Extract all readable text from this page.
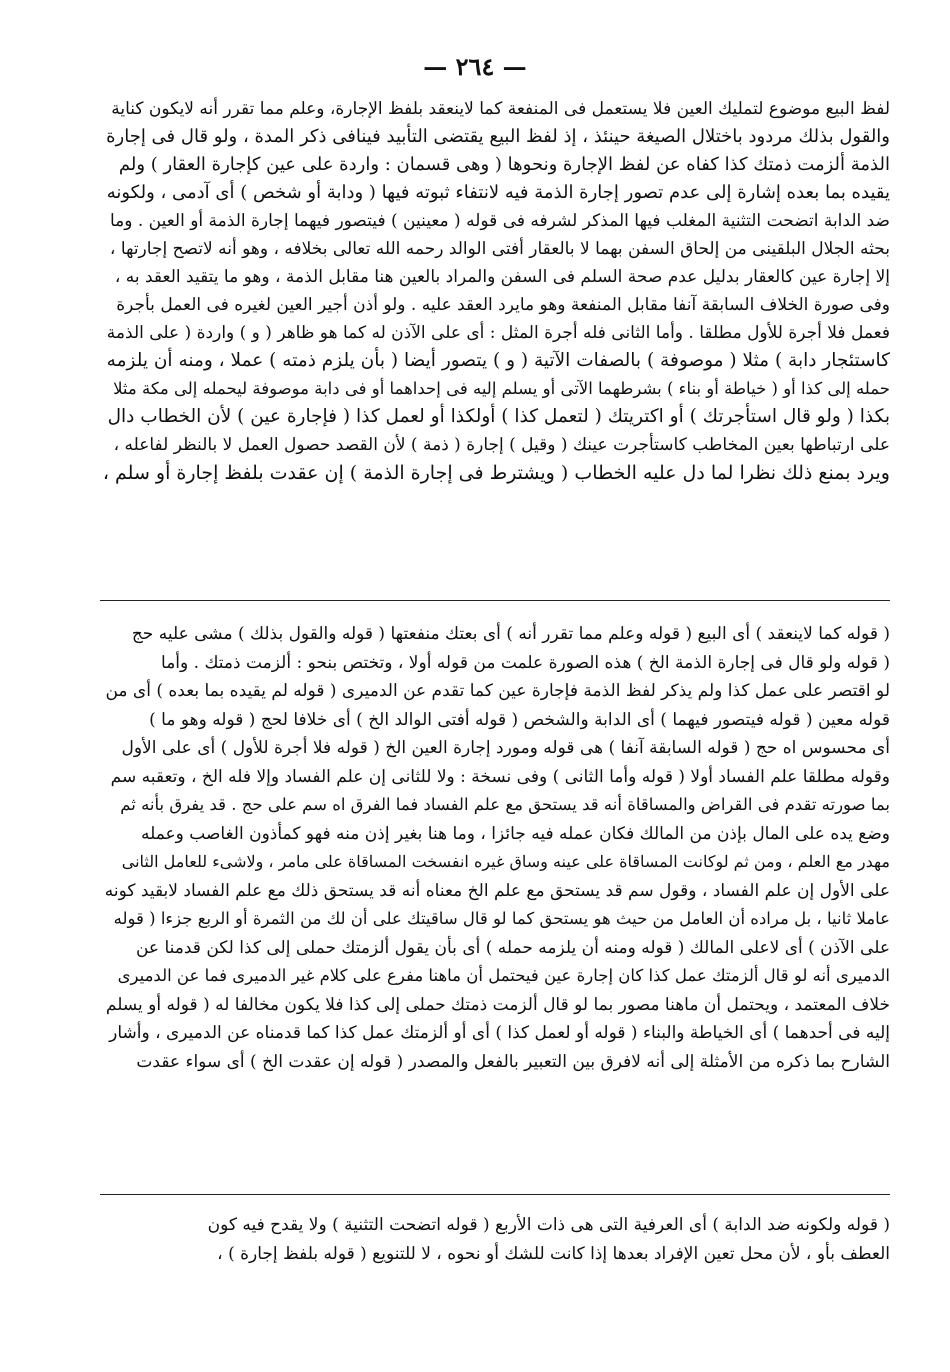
— ٢٦٤ —
لفظ البيع موضوع لتمليك العين فلا يستعمل فى المنفعة كما لاينعقد بلفظ الإجارة، وعلم مما تقرر أنه لايكون كناية
والقول بذلك مردود باختلال الصيغة حينئذ ، إذ لفظ البيع يقتضى التأبيد فينافى ذكر المدة ، ولو قال فى إجارة
الذمة ألزمت ذمتك كذا كفاه عن لفظ الإجارة ونحوها ( وهى قسمان : واردة على عين كإجارة العقار ) ولم
يقيده بما بعده إشارة إلى عدم تصور إجارة الذمة فيه لانتفاء ثبوته فيها ( ودابة أو شخص ) أى آدمى ، ولكونه
ضد الدابة اتضحت التثنية المغلب فيها المذكر لشرفه فى قوله ( معينين ) فيتصور فيهما إجارة الذمة أو العين . وما
بحثه الجلال البلقينى من إلحاق السفن بهما لا بالعقار أفتى الوالد رحمه الله تعالى بخلافه ، وهو أنه لاتصح إجارتها ،
إلا إجارة عين كالعقار بدليل عدم صحة السلم فى السفن والمراد بالعين هنا مقابل الذمة ، وهو ما يتقيد العقد به ،
وفى صورة الخلاف السابقة آنفا مقابل المنفعة وهو مايرد العقد عليه . ولو أذن أجير العين لغيره فى العمل بأجرة
فعمل فلا أجرة للأول مطلقا . وأما الثانى فله أجرة المثل : أى على الآذن له كما هو ظاهر ( و ) واردة ( على الذمة
كاستئجار دابة ) مثلا ( موصوفة ) بالصفات الآتية ( و ) يتصور أيضا ( بأن يلزم ذمته ) عملا ، ومنه أن يلزمه
حمله إلى كذا أو ( خياطة أو بناء ) بشرطهما الآتى أو يسلم إليه فى إحداهما أو فى دابة موصوفة ليحمله إلى مكة مثلا
بكذا ( ولو قال استأجرتك ) أو اكتريتك ( لتعمل كذا ) أولكذا أو لعمل كذا ( فإجارة عين ) لأن الخطاب دال
على ارتباطها بعين المخاطب كاستأجرت عينك ( وقيل ) إجارة ( ذمة ) لأن القصد حصول العمل لا بالنظر لفاعله ،
ويرد بمنع ذلك نظرا لما دل عليه الخطاب ( ويشترط فى إجارة الذمة ) إن عقدت بلفظ إجارة أو سلم ،
( قوله كما لاينعقد ) أى البيع ( قوله وعلم مما تقرر أنه ) أى بعتك منفعتها ( قوله والقول بذلك ) مشى عليه حج
( قوله ولو قال فى إجارة الذمة الخ ) هذه الصورة علمت من قوله أولا ، وتختص بنحو : ألزمت ذمتك . وأما
لو اقتصر على عمل كذا ولم يذكر لفظ الذمة فإجارة عين كما تقدم عن الدميرى ( قوله لم يقيده بما بعده ) أى من
قوله معين ( قوله فيتصور فيهما ) أى الدابة والشخص ( قوله أفتى الوالد الخ ) أى خلافا لحج ( قوله وهو ما )
أى محسوس اه حج ( قوله السابقة آنفا ) هى قوله ومورد إجارة العين الخ ( قوله فلا أجرة للأول ) أى على الأول
وقوله مطلقا علم الفساد أولا ( قوله وأما الثانى ) وفى نسخة : ولا للثانى إن علم الفساد وإلا فله الخ ، وتعقبه سم
بما صورته تقدم فى القراض والمساقاة أنه قد يستحق مع علم الفساد فما الفرق اه سم على حج . قد يفرق بأنه ثم
وضع يده على المال بإذن من المالك فكان عمله فيه جائزا ، وما هنا بغير إذن منه فهو كمأذون الغاصب وعمله
مهدر مع العلم ، ومن ثم لوكانت المساقاة على عينه وساق غيره انفسخت المساقاة على مامر ، ولاشىء للعامل الثانى
على الأول إن علم الفساد ، وقول سم قد يستحق مع علم الخ معناه أنه قد يستحق ذلك مع علم الفساد لابقيد كونه
عاملا ثانيا ، بل مراده أن العامل من حيث هو يستحق كما لو قال ساقيتك على أن لك من الثمرة أو الربع جزءا ( قوله
على الآذن ) أى لاعلى المالك ( قوله ومنه أن يلزمه حمله ) أى بأن يقول ألزمتك حملى إلى كذا لكن قدمنا عن
الدميرى أنه لو قال ألزمتك عمل كذا كان إجارة عين فيحتمل أن ماهنا مفرع على كلام غير الدميرى فما عن الدميرى
خلاف المعتمد ، ويحتمل أن ماهنا مصور بما لو قال ألزمت ذمتك حملى إلى كذا فلا يكون مخالفا له ( قوله أو يسلم
إليه فى أحدهما ) أى الخياطة والبناء ( قوله أو لعمل كذا ) أى أو ألزمتك عمل كذا كما قدمناه عن الدميرى ، وأشار
الشارح بما ذكره من الأمثلة إلى أنه لافرق بين التعبير بالفعل والمصدر ( قوله إن عقدت الخ ) أى سواء عقدت
( قوله ولكونه ضد الدابة ) أى العرفية التى هى ذات الأربع ( قوله اتضحت التثنية ) ولا يقدح فيه كون
العطف بأو ، لأن محل تعين الإفراد بعدها إذا كانت للشك أو نحوه ، لا للتنويع ( قوله بلفظ إجارة ) ،
